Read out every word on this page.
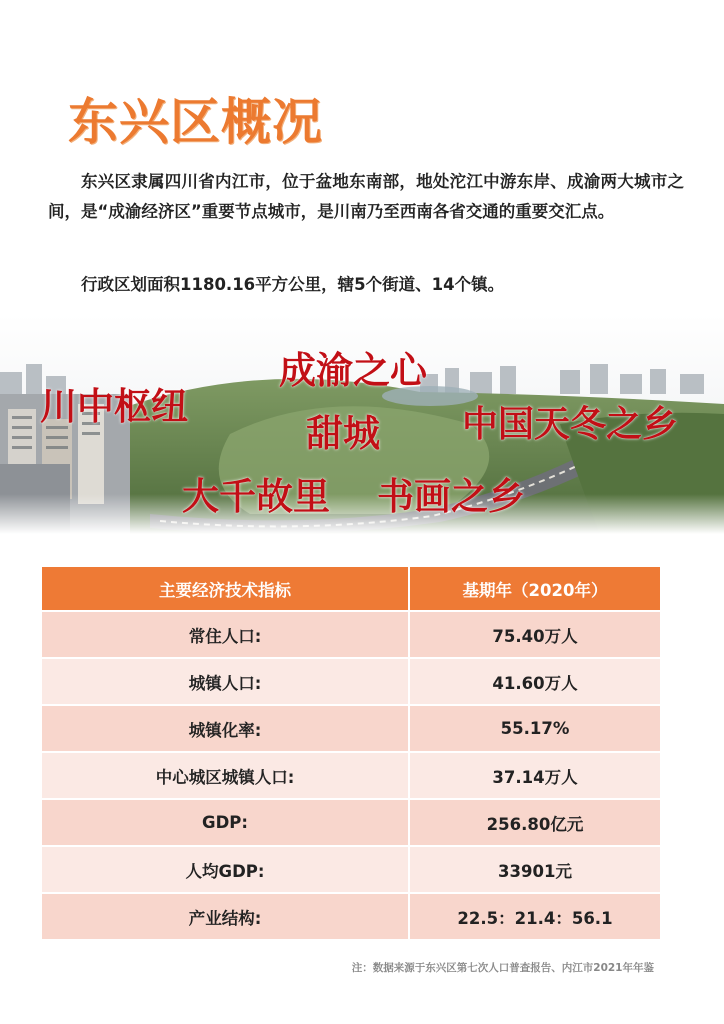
东兴区概况

东兴区隶属四川省内江市，位于盆地东南部，地处沱江中游东岸、成渝两大城市之间，是“成渝经济区”重要节点城市，是川南乃至西南各省交通的重要交汇点。

行政区划面积1180.16平方公里，辖5个街道、14个镇。

川中枢纽
成渝之心
甜城 中国天冬之乡
大千故里 书画之乡
主要经济技术指标	基期年（2020年）
常住人口:	75.40万人
城镇人口:	41.60万人
城镇化率:	55.17%
中心城区城镇人口:	37.14万人
GDP:	256.80亿元
人均GDP:	33901元
产业结构:	22.5：21.4：56.1

注：数据来源于东兴区第七次人口普查报告、内江市2021年年鉴
